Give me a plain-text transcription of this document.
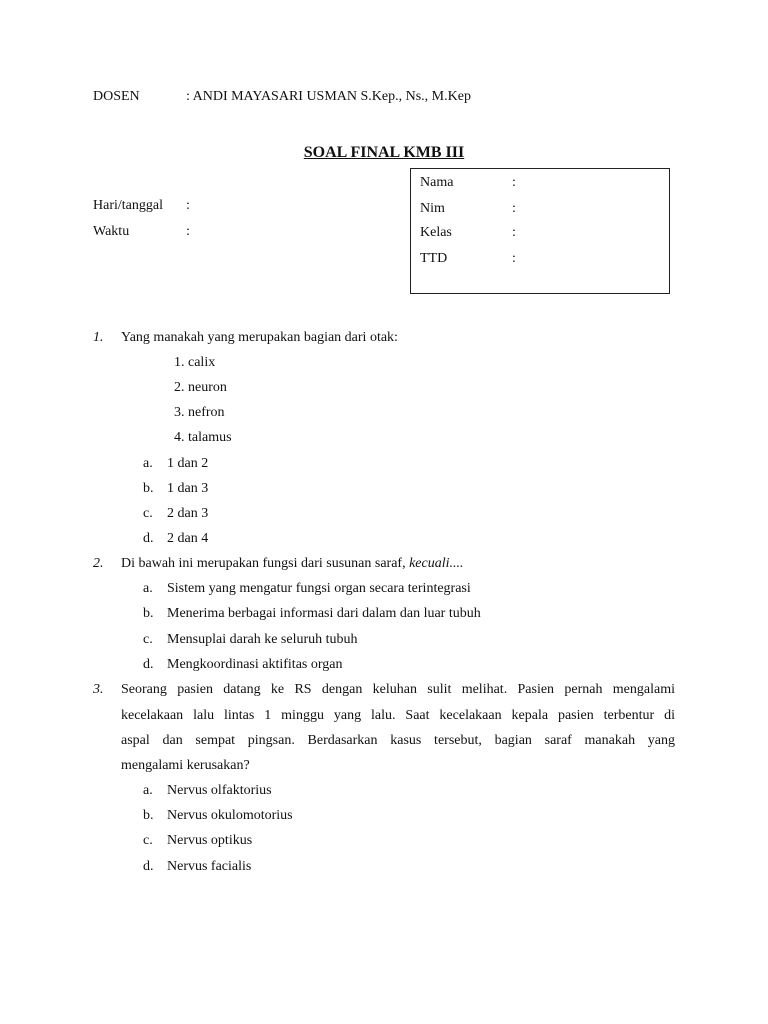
DOSEN	: ANDI MAYASARI USMAN S.Kep., Ns., M.Kep
SOAL FINAL KMB III
Hari/tanggal :
Waktu	:
Nama	:
Nim	:
Kelas	:
TTD	:
1. Yang manakah yang merupakan bagian dari otak:
1. calix
2. neuron
3. nefron
4. talamus
a. 1 dan 2
b. 1 dan 3
c. 2 dan 3
d. 2 dan 4
2. Di bawah ini merupakan fungsi dari susunan saraf, kecuali....
a. Sistem yang mengatur fungsi organ secara terintegrasi
b. Menerima berbagai informasi dari dalam dan luar tubuh
c. Mensuplai darah ke seluruh tubuh
d. Mengkoordinasi aktifitas organ
3. Seorang pasien datang ke RS dengan keluhan sulit melihat. Pasien pernah mengalami
kecelakaan lalu lintas 1 minggu yang lalu. Saat kecelakaan kepala pasien terbentur di
aspal dan sempat pingsan. Berdasarkan kasus tersebut, bagian saraf manakah yang
mengalami kerusakan?
a. Nervus olfaktorius
b. Nervus okulomotorius
c. Nervus optikus
d. Nervus facialis
